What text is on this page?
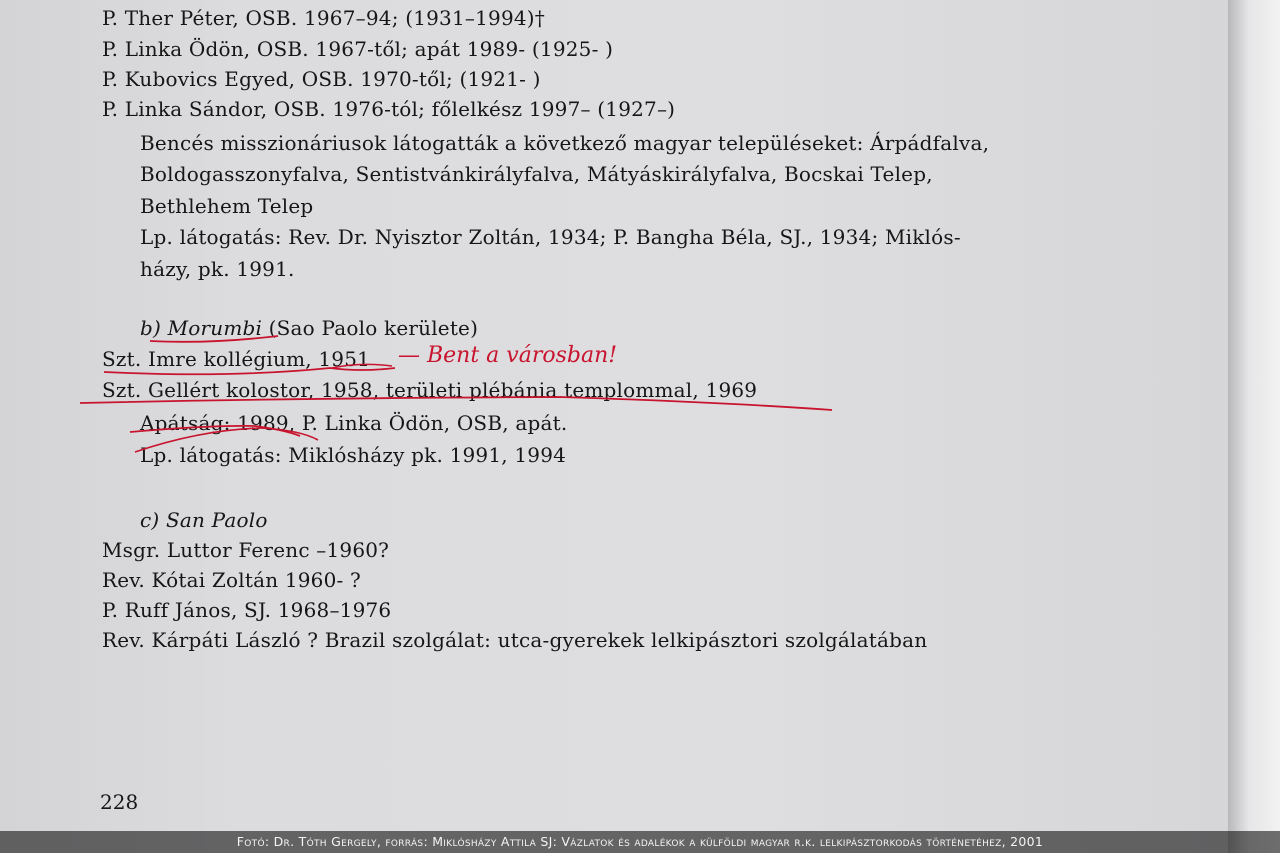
P. Ther Péter, OSB. 1967–94; (1931–1994)†
P. Linka Ödön, OSB. 1967-től; apát 1989- (1925- )
P. Kubovics Egyed, OSB. 1970-től; (1921- )
P. Linka Sándor, OSB. 1976-tól; főlelkész 1997– (1927–)
Bencés misszionáriusok látogatták a következő magyar településeket: Árpádfalva,
Boldogasszonyfalva, Sentistvánkirályfalva, Mátyáskirályfalva, Bocskai Telep,
Bethlehem Telep
Lp. látogatás: Rev. Dr. Nyisztor Zoltán, 1934; P. Bangha Béla, SJ., 1934; Miklós-
házy, pk. 1991.
b) Morumbi (Sao Paolo kerülete)
Szt. Imre kollégium, 1951
Szt. Gellért kolostor, 1958, területi plébánia templommal, 1969
Apátság: 1989, P. Linka Ödön, OSB, apát.
Lp. látogatás: Miklósházy pk. 1991, 1994
c) San Paolo
Msgr. Luttor Ferenc –1960?
Rev. Kótai Zoltán 1960- ?
P. Ruff János, SJ. 1968–1976
Rev. Kárpáti László ? Brazil szolgálat: utca-gyerekek lelkipásztori szolgálatában
228
— Bent a városban!
Fotó: Dr. Tóth Gergely, forrás: Miklósházy Attila SJ: Vázlatok és adalékok a külföldi magyar r.k. lelkipásztorkodás történetéhez, 2001
